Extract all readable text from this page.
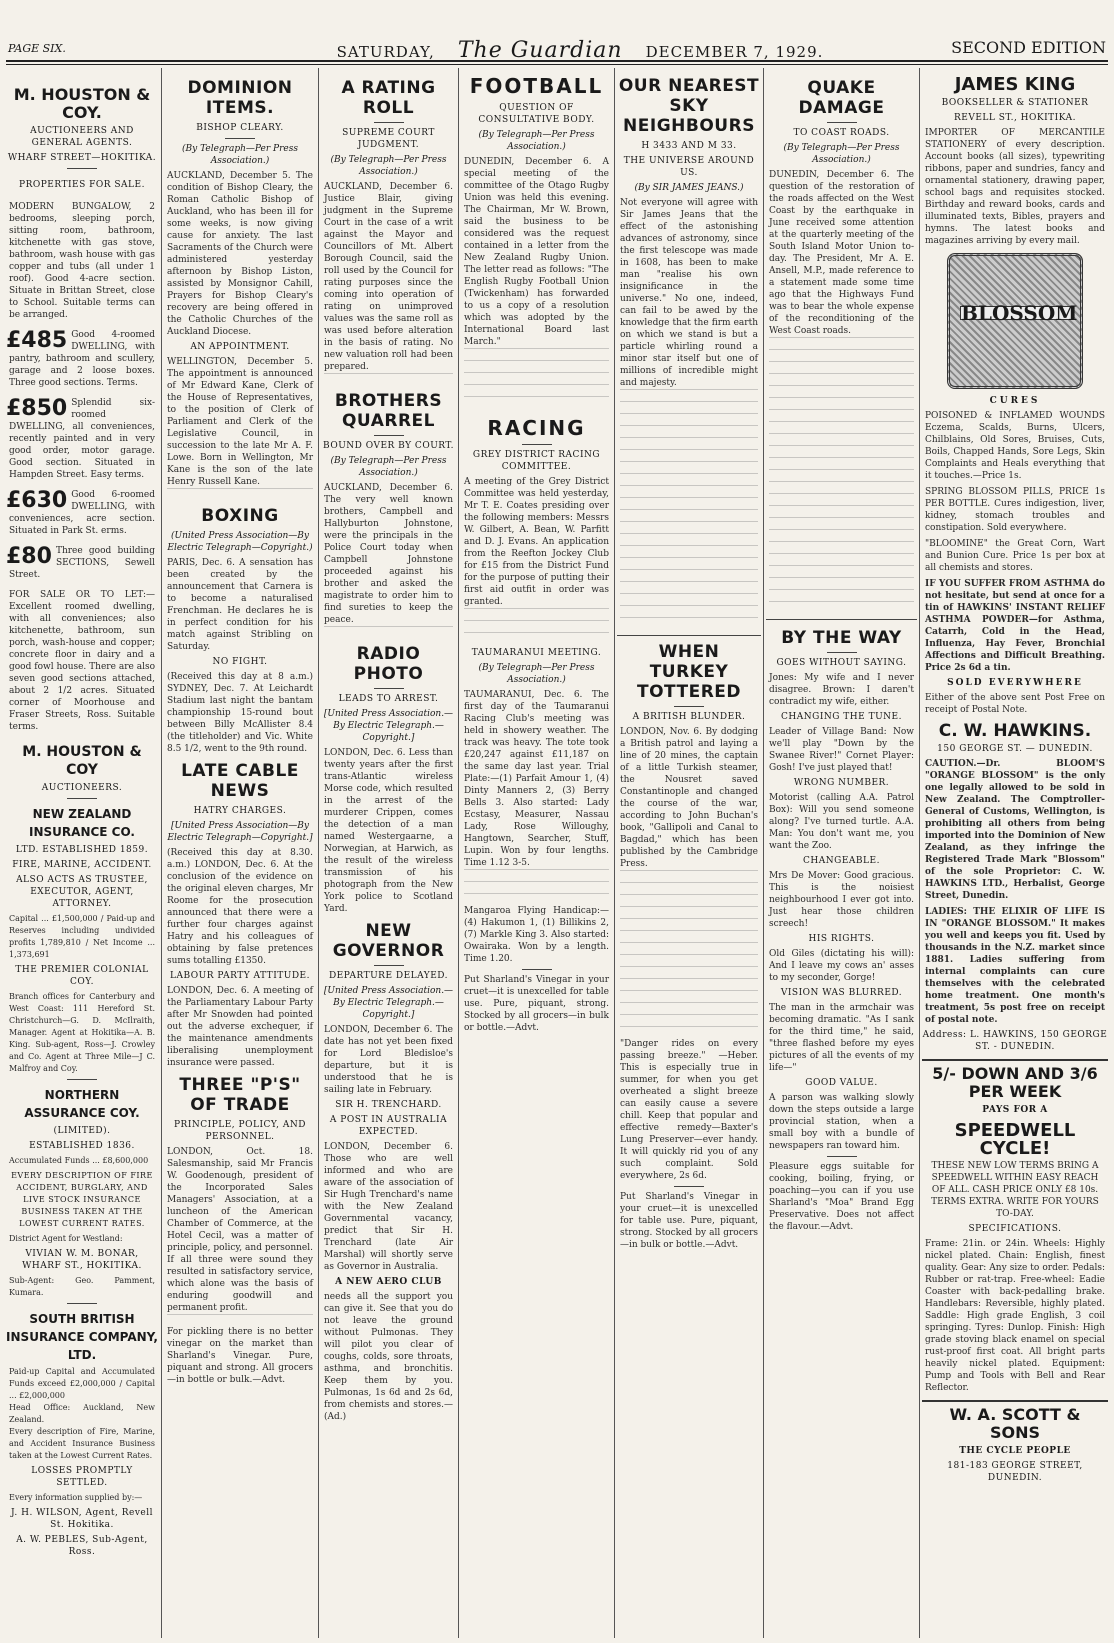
PAGE SIX.	SATURDAY, The Guardian DECEMBER 7, 1929.	SECOND EDITION
M. HOUSTON & COY.
AUCTIONEERS AND GENERAL AGENTS.
WHARF STREET—HOKITIKA.
PROPERTIES FOR SALE.
MODERN BUNGALOW, 2 bedrooms, sleeping porch, sitting room, bathroom, kitchenette with gas stove, bathroom, wash house with gas copper and tubs (all under 1 roof). Good 4-acre section. Situate in Brittan Street, close to School. Suitable terms can be arranged.
£485 Good 4-roomed DWELLING, with pantry, bathroom and scullery, garage and 2 loose boxes. Three good sections. Terms.
£850 Splendid six-roomed DWELLING, all conveniences, recently painted and in very good order, motor garage. Good section. Situated in Hampden Street. Easy terms.
£630 Good 6-roomed DWELLING, with conveniences, acre section. Situated in Park St. erms.
£80 Three good building SECTIONS, Sewell Street.
FOR SALE OR TO LET:—Excellent roomed dwelling, with all conveniences; also kitchenette, bathroom, sun porch, wash-house and copper; concrete floor in dairy and a good fowl house. There are also seven good sections attached, about 2 1/2 acres. Situated corner of Moorhouse and Fraser Streets, Ross. Suitable terms.
M. HOUSTON & COY
AUCTIONEERS.
NEW ZEALAND INSURANCE CO.
LTD. ESTABLISHED 1859.
FIRE, MARINE, ACCIDENT.
ALSO ACTS AS TRUSTEE, EXECUTOR, AGENT, ATTORNEY.
Capital ... £1,500,000 / Paid-up and Reserves including undivided profits 1,789,810 / Net Income ... 1,373,691
THE PREMIER COLONIAL COY.
Branch offices for Canterbury and West Coast: 111 Hereford St. Christchurch—G. D. McIlraith, Manager. Agent at Hokitika—A. B. King. Sub-agent, Ross—J. Crowley and Co. Agent at Three Mile—J C. Malfroy and Coy.
NORTHERN ASSURANCE COY.
(LIMITED).
ESTABLISHED 1836.
Accumulated Funds ... £8,600,000
EVERY DESCRIPTION OF FIRE ACCIDENT, BURGLARY, AND LIVE STOCK INSURANCE BUSINESS TAKEN AT THE LOWEST CURRENT RATES.
District Agent for Westland:
VIVIAN W. M. BONAR, WHARF ST., HOKITIKA.
Sub-Agent: Geo. Pamment, Kumara.
SOUTH BRITISH INSURANCE COMPANY, LTD.
Paid-up Capital and Accumulated Funds exceed £2,000,000 / Capital ... £2,000,000
Head Office: Auckland, New Zealand.
Every description of Fire, Marine, and Accident Insurance Business taken at the Lowest Current Rates.
LOSSES PROMPTLY SETTLED.
Every information supplied by:—
J. H. WILSON, Agent, Revell St. Hokitika.
A. W. PEBLES, Sub-Agent, Ross.
DOMINION ITEMS.
BISHOP CLEARY.
(By Telegraph—Per Press Association.)
AUCKLAND, December 5. The condition of Bishop Cleary, the Roman Catholic Bishop of Auckland, who has been ill for some weeks, is now giving cause for anxiety. The last Sacraments of the Church were administered yesterday afternoon by Bishop Liston, assisted by Monsignor Cahill, Prayers for Bishop Cleary's recovery are being offered in the Catholic Churches of the Auckland Diocese.
AN APPOINTMENT.
WELLINGTON, December 5. The appointment is announced of Mr Edward Kane, Clerk of the House of Representatives, to the position of Clerk of Parliament and Clerk of the Legislative Council, in succession to the late Mr A. F. Lowe. Born in Wellington, Mr Kane is the son of the late Henry Russell Kane.
BOXING
(United Press Association—By Electric Telegraph—Copyright.)
PARIS, Dec. 6. A sensation has been created by the announcement that Carnera is to become a naturalised Frenchman. He declares he is in perfect condition for his match against Stribling on Saturday.
NO FIGHT.
(Received this day at 8 a.m.) SYDNEY, Dec. 7. At Leichardt Stadium last night the bantam championship 15-round bout between Billy McAllister 8.4 (the titleholder) and Vic. White 8.5 1/2, went to the 9th round.
LATE CABLE NEWS
HATRY CHARGES.
[United Press Association—By Electric Telegraph—Copyright.]
(Received this day at 8.30. a.m.) LONDON, Dec. 6. At the conclusion of the evidence on the original eleven charges, Mr Roome for the prosecution announced that there were a further four charges against Hatry and his colleagues of obtaining by false pretences sums totalling £1350.
LABOUR PARTY ATTITUDE.
LONDON, Dec. 6. A meeting of the Parliamentary Labour Party after Mr Snowden had pointed out the adverse exchequer, if the maintenance amendments liberalising unemployment insurance were passed.
THREE "P'S" OF TRADE
PRINCIPLE, POLICY, AND PERSONNEL.
LONDON, Oct. 18. Salesmanship, said Mr Francis W. Goodenough, president of the Incorporated Sales Managers' Association, at a luncheon of the American Chamber of Commerce, at the Hotel Cecil, was a matter of principle, policy, and personnel. If all three were sound they resulted in satisfactory service, which alone was the basis of enduring goodwill and permanent profit.
For pickling there is no better vinegar on the market than Sharland's Vinegar. Pure, piquant and strong. All grocers—in bottle or bulk.—Advt.
A RATING ROLL
SUPREME COURT JUDGMENT.
(By Telegraph—Per Press Association.)
AUCKLAND, December 6. Justice Blair, giving judgment in the Supreme Court in the case of a writ against the Mayor and Councillors of Mt. Albert Borough Council, said the roll used by the Council for rating purposes since the coming into operation of rating on unimproved values was the same roll as was used before alteration in the basis of rating. No new valuation roll had been prepared.
BROTHERS QUARREL
BOUND OVER BY COURT.
(By Telegraph—Per Press Association.)
AUCKLAND, December 6. The very well known brothers, Campbell and Hallyburton Johnstone, were the principals in the Police Court today when Campbell Johnstone proceeded against his brother and asked the magistrate to order him to find sureties to keep the peace.
RADIO PHOTO
LEADS TO ARREST.
[United Press Association.—By Electric Telegraph.—Copyright.]
LONDON, Dec. 6. Less than twenty years after the first trans-Atlantic wireless Morse code, which resulted in the arrest of the murderer Crippen, comes the detection of a man named Westergaarne, a Norwegian, at Harwich, as the result of the wireless transmission of his photograph from the New York police to Scotland Yard.
NEW GOVERNOR
DEPARTURE DELAYED.
[United Press Association.—By Electric Telegraph.—Copyright.]
LONDON, December 6. The date has not yet been fixed for Lord Bledisloe's departure, but it is understood that he is sailing late in February.
SIR H. TRENCHARD.
A POST IN AUSTRALIA EXPECTED.
LONDON, December 6. Those who are well informed and who are aware of the association of Sir Hugh Trenchard's name with the New Zealand Governmental vacancy, predict that Sir H. Trenchard (late Air Marshal) will shortly serve as Governor in Australia.
A NEW AERO CLUB
needs all the support you can give it. See that you do not leave the ground without Pulmonas. They will pilot you clear of coughs, colds, sore throats, asthma, and bronchitis. Keep them by you. Pulmonas, 1s 6d and 2s 6d, from chemists and stores.—(Ad.)
FOOTBALL
QUESTION OF CONSULTATIVE BODY.
(By Telegraph—Per Press Association.)
DUNEDIN, December 6. A special meeting of the committee of the Otago Rugby Union was held this evening. The Chairman, Mr W. Brown, said the business to be considered was the request contained in a letter from the New Zealand Rugby Union. The letter read as follows: "The English Rugby Football Union (Twickenham) has forwarded to us a copy of a resolution which was adopted by the International Board last March."
RACING
GREY DISTRICT RACING COMMITTEE.
A meeting of the Grey District Committee was held yesterday, Mr T. E. Coates presiding over the following members: Messrs W. Gilbert, A. Bean, W. Parfitt and D. J. Evans. An application from the Reefton Jockey Club for £15 from the District Fund for the purpose of putting their first aid outfit in order was granted.
TAUMARANUI MEETING.
(By Telegraph—Per Press Association.)
TAUMARANUI, Dec. 6. The first day of the Taumaranui Racing Club's meeting was held in showery weather. The track was heavy. The tote took £20,247 against £11,187 on the same day last year. Trial Plate:—(1) Parfait Amour 1, (4) Dinty Manners 2, (3) Berry Bells 3. Also started: Lady Ecstasy, Measurer, Nassau Lady, Rose Willoughy, Hangtown, Searcher, Stuff, Lupin. Won by four lengths. Time 1.12 3-5.
Mangaroa Flying Handicap:—(4) Hakumon 1, (1) Billikins 2, (7) Markle King 3. Also started: Owairaka. Won by a length. Time 1.20.
Put Sharland's Vinegar in your cruet—it is unexcelled for table use. Pure, piquant, strong. Stocked by all grocers—in bulk or bottle.—Advt.
OUR NEAREST SKY NEIGHBOURS
H 3433 AND M 33.
THE UNIVERSE AROUND US.
(By SIR JAMES JEANS.)
Not everyone will agree with Sir James Jeans that the effect of the astonishing advances of astronomy, since the first telescope was made in 1608, has been to make man "realise his own insignificance in the universe." No one, indeed, can fail to be awed by the knowledge that the firm earth on which we stand is but a particle whirling round a minor star itself but one of millions of incredible might and majesty.
WHEN TURKEY TOTTERED
A BRITISH BLUNDER.
LONDON, Nov. 6. By dodging a British patrol and laying a line of 20 mines, the captain of a little Turkish steamer, the Nousret saved Constantinople and changed the course of the war, according to John Buchan's book, "Gallipoli and Canal to Bagdad," which has been published by the Cambridge Press.
"Danger rides on every passing breeze." —Heber. This is especially true in summer, for when you get overheated a slight breeze can easily cause a severe chill. Keep that popular and effective remedy—Baxter's Lung Preserver—ever handy. It will quickly rid you of any such complaint. Sold everywhere, 2s 6d.
Put Sharland's Vinegar in your cruet—it is unexcelled for table use. Pure, piquant, strong. Stocked by all grocers—in bulk or bottle.—Advt.
QUAKE DAMAGE
TO COAST ROADS.
(By Telegraph—Per Press Association.)
DUNEDIN, December 6. The question of the restoration of the roads affected on the West Coast by the earthquake in June received some attention at the quarterly meeting of the South Island Motor Union to-day. The President, Mr A. E. Ansell, M.P., made reference to a statement made some time ago that the Highways Fund was to bear the whole expense of the reconditioning of the West Coast roads.
BY THE WAY
GOES WITHOUT SAYING.
Jones: My wife and I never disagree. Brown: I daren't contradict my wife, either.
CHANGING THE TUNE.
Leader of Village Band: Now we'll play "Down by the Swanee River!" Cornet Player: Gosh! I've just played that!
WRONG NUMBER.
Motorist (calling A.A. Patrol Box): Will you send someone along? I've turned turtle. A.A. Man: You don't want me, you want the Zoo.
CHANGEABLE.
Mrs De Mover: Good gracious. This is the noisiest neighbourhood I ever got into. Just hear those children screech!
HIS RIGHTS.
Old Giles (dictating his will): And I leave my cows an' asses to my seconder, Gorge!
VISION WAS BLURRED.
The man in the armchair was becoming dramatic. "As I sank for the third time," he said, "three flashed before my eyes pictures of all the events of my life—"
GOOD VALUE.
A parson was walking slowly down the steps outside a large provincial station, when a small boy with a bundle of newspapers ran toward him.
Pleasure eggs suitable for cooking, boiling, frying, or poaching—you can if you use Sharland's "Moa" Brand Egg Preservative. Does not affect the flavour.—Advt.
JAMES KING
BOOKSELLER & STATIONER
REVELL ST., HOKITIKA.
IMPORTER OF MERCANTILE STATIONERY of every description. Account books (all sizes), typewriting ribbons, paper and sundries, fancy and ornamental stationery, drawing paper, school bags and requisites stocked. Birthday and reward books, cards and illuminated texts, Bibles, prayers and hymns. The latest books and magazines arriving by every mail.
BLOSSOM
CURES
POISONED & INFLAMED WOUNDS Eczema, Scalds, Burns, Ulcers, Chilblains, Old Sores, Bruises, Cuts, Boils, Chapped Hands, Sore Legs, Skin Complaints and Heals everything that it touches.—Price 1s.
SPRING BLOSSOM PILLS, PRICE 1s PER BOTTLE. Cures indigestion, liver, kidney, stomach troubles and constipation. Sold everywhere.
"BLOOMINE" the Great Corn, Wart and Bunion Cure. Price 1s per box at all chemists and stores.
IF YOU SUFFER FROM ASTHMA do not hesitate, but send at once for a tin of HAWKINS' INSTANT RELIEF ASTHMA POWDER—for Asthma, Catarrh, Cold in the Head, Influenza, Hay Fever, Bronchial Affections and Difficult Breathing. Price 2s 6d a tin.
SOLD EVERYWHERE
Either of the above sent Post Free on receipt of Postal Note.
C. W. HAWKINS.
150 GEORGE ST. — DUNEDIN.
CAUTION.—Dr. BLOOM'S "ORANGE BLOSSOM" is the only one legally allowed to be sold in New Zealand. The Comptroller-General of Customs, Wellington, is prohibiting all others from being imported into the Dominion of New Zealand, as they infringe the Registered Trade Mark "Blossom" of the sole Proprietor: C. W. HAWKINS LTD., Herbalist, George Street, Dunedin.
LADIES: THE ELIXIR OF LIFE IS IN "ORANGE BLOSSOM." It makes you well and keeps you fit. Used by thousands in the N.Z. market since 1881. Ladies suffering from internal complaints can cure themselves with the celebrated home treatment. One month's treatment, 5s post free on receipt of postal note.
Address: L. HAWKINS, 150 GEORGE ST. - DUNEDIN.
5/- DOWN AND 3/6 PER WEEK
PAYS FOR A
SPEEDWELL CYCLE!
THESE NEW LOW TERMS BRING A SPEEDWELL WITHIN EASY REACH OF ALL. CASH PRICE ONLY £8 10s. TERMS EXTRA. WRITE FOR YOURS TO-DAY.
SPECIFICATIONS.
Frame: 21in. or 24in. Wheels: Highly nickel plated. Chain: English, finest quality. Gear: Any size to order. Pedals: Rubber or rat-trap. Free-wheel: Eadie Coaster with back-pedalling brake. Handlebars: Reversible, highly plated. Saddle: High grade English, 3 coil springing. Tyres: Dunlop. Finish: High grade stoving black enamel on special rust-proof first coat. All bright parts heavily nickel plated. Equipment: Pump and Tools with Bell and Rear Reflector.
W. A. SCOTT & SONS
THE CYCLE PEOPLE
181-183 GEORGE STREET, DUNEDIN.
